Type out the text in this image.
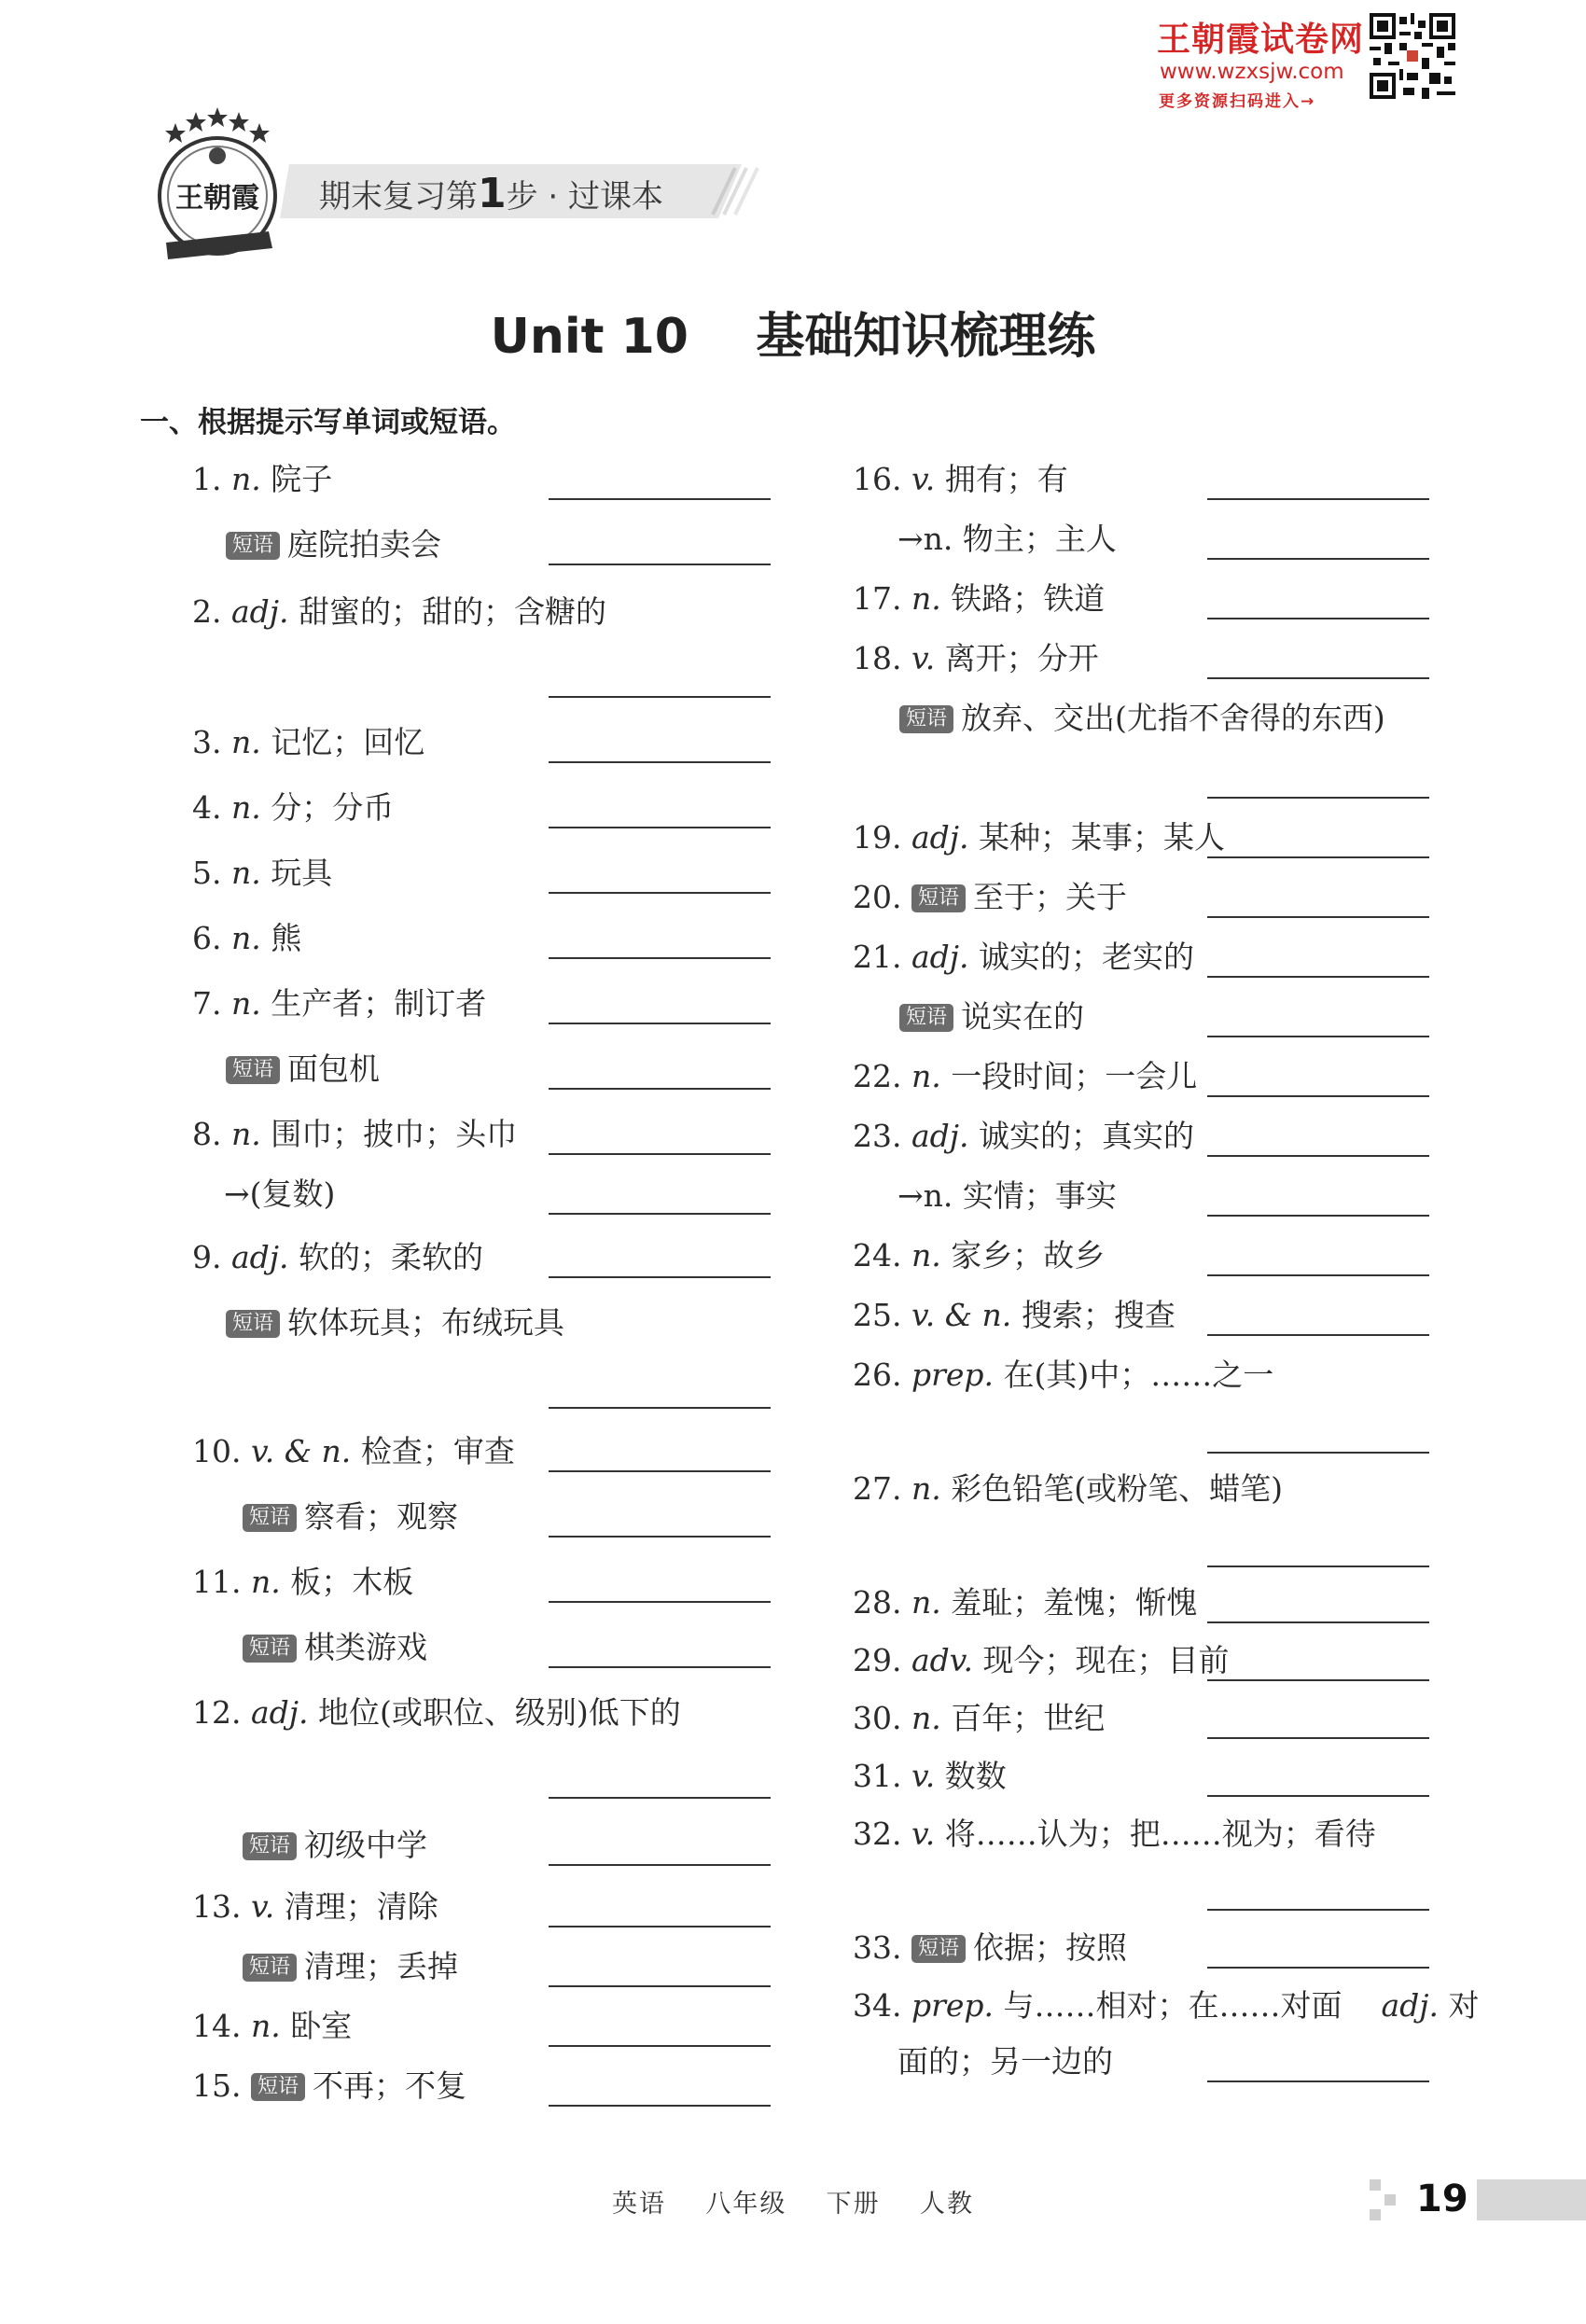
王朝霞试卷网
www.wzxsjw.com
更多资源扫码进入→
王朝霞 期末复习第1步 · 过课本
Unit 10    基础知识梳理练
一、根据提示写单词或短语。
1. n. 院子
短语 庭院拍卖会
2. adj. 甜蜜的；甜的；含糖的
3. n. 记忆；回忆
4. n. 分；分币
5. n. 玩具
6. n. 熊
7. n. 生产者；制订者
短语 面包机
8. n. 围巾；披巾；头巾
→(复数)
9. adj. 软的；柔软的
短语 软体玩具；布绒玩具
10. v. & n. 检查；审查
短语 察看；观察
11. n. 板；木板
短语 棋类游戏
12. adj. 地位(或职位、级别)低下的
短语 初级中学
13. v. 清理；清除
短语 清理；丢掉
14. n. 卧室
15. 短语 不再；不复
16. v. 拥有；有
→n. 物主；主人
17. n. 铁路；铁道
18. v. 离开；分开
短语 放弃、交出(尤指不舍得的东西)
19. adj. 某种；某事；某人
20. 短语 至于；关于
21. adj. 诚实的；老实的
短语 说实在的
22. n. 一段时间；一会儿
23. adj. 诚实的；真实的
→n. 实情；事实
24. n. 家乡；故乡
25. v. & n. 搜索；搜查
26. prep. 在(其)中；……之一
27. n. 彩色铅笔(或粉笔、蜡笔)
28. n. 羞耻；羞愧；惭愧
29. adv. 现今；现在；目前
30. n. 百年；世纪
31. v. 数数
32. v. 将……认为；把……视为；看待
33. 短语 依据；按照
34. prep. 与……相对；在……对面 adj. 对
面的；另一边的
英语    八年级    下册    人教	19
